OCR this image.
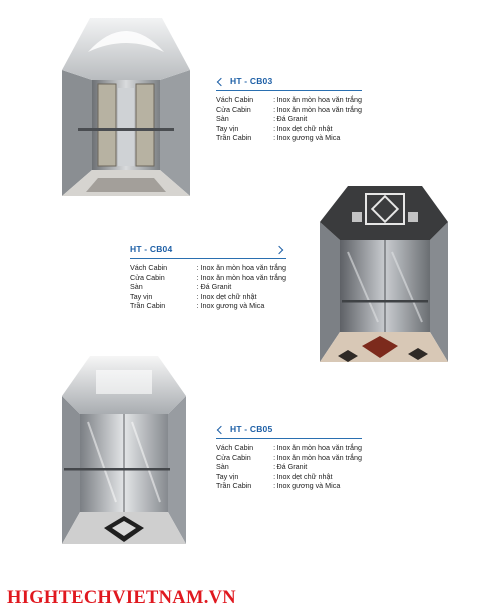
HT - CB03
Vách Cabin	:	Inox ăn mòn hoa văn trắng
Cửa Cabin	:	Inox ăn mòn hoa văn trắng
Sàn	:	Đá Granit
Tay vịn	:	Inox dẹt chữ nhật
Trần Cabin	:	Inox gương và Mica
HT - CB04
Vách Cabin	:	Inox ăn mòn hoa văn trắng
Cửa Cabin	:	Inox ăn mòn hoa văn trắng
Sàn	:	Đá Granit
Tay vịn	:	Inox dẹt chữ nhật
Trần Cabin	:	Inox gương và Mica
HT - CB05
Vách Cabin	:	Inox ăn mòn hoa văn trắng
Cửa Cabin	:	Inox ăn mòn hoa văn trắng
Sàn	:	Đá Granit
Tay vịn	:	Inox dẹt chữ nhật
Trần Cabin	:	Inox gương và Mica
HIGHTECHVIETNAM.VN
